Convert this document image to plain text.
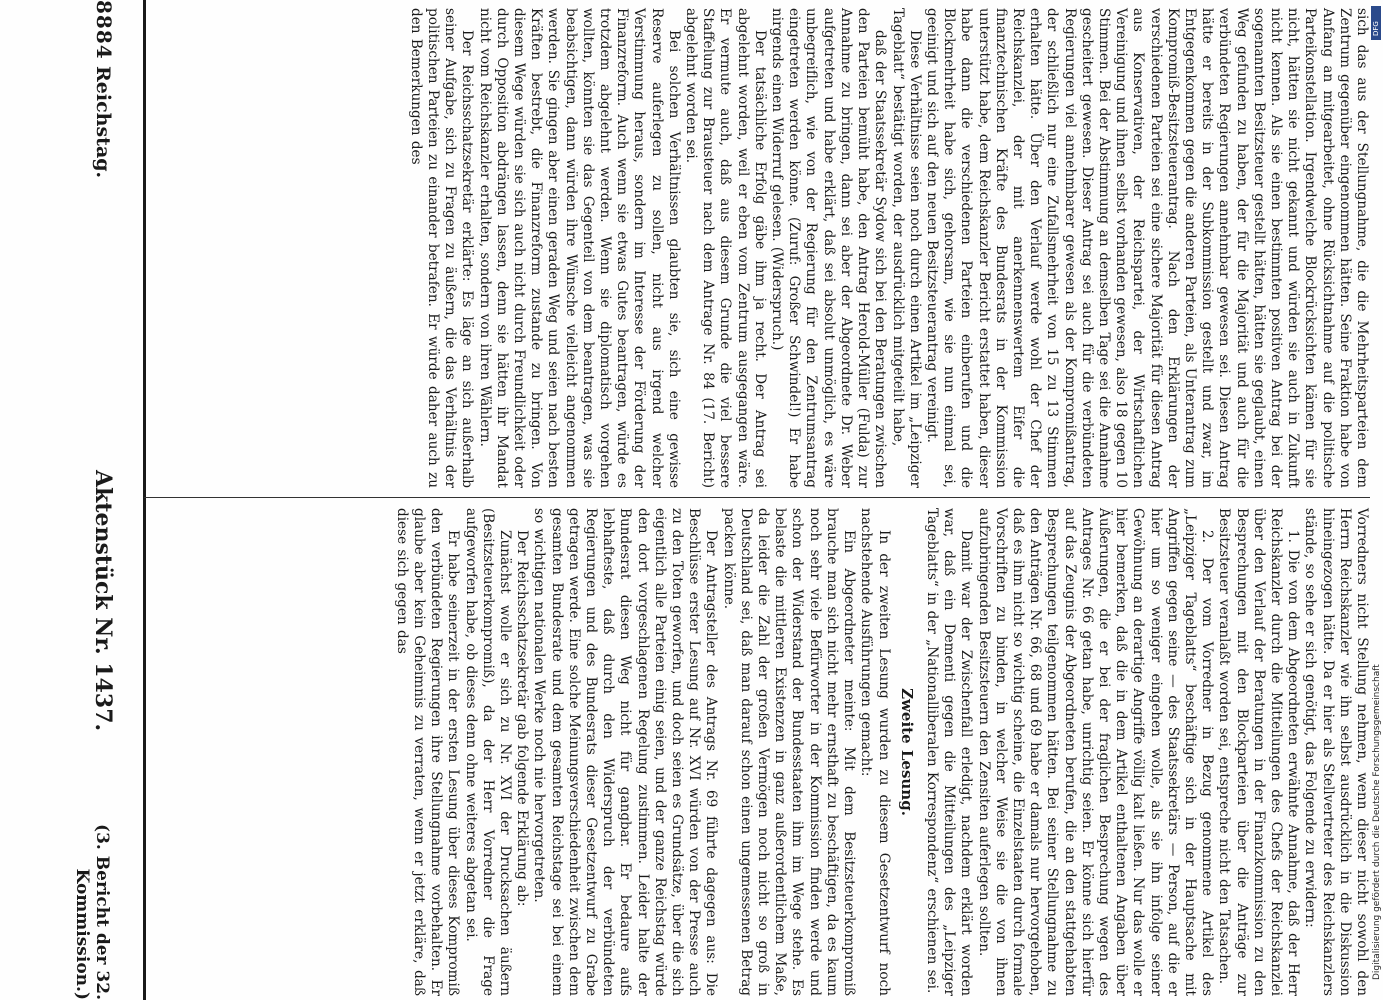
8884
Reichstag.
Aktenstück Nr. 1437.
(3. Bericht der 32. Kommission.)

sich das aus der Stellungnahme, die die Mehrheitsparteien dem Zentrum gegenüber eingenommen hätten. Seine Fraktion habe von Anfang an mitgearbeitet, ohne Rücksichtnahme auf die politische Parteikonstellation. Irgendwelche Blockrücksichten kämen für sie nicht, hätten sie nicht gekannt und würden sie auch in Zukunft nicht kennen. Als sie einen bestimmten positiven Antrag bei der sogenannten Besitzsteuer gestellt hätten, hätten sie geglaubt, einen Weg gefunden zu haben, der für die Majorität und auch für die verbündeten Regierungen annehmbar gewesen sei. Diesen Antrag hätte er bereits in der Subkommission gestellt und zwar, im Entgegenkommen gegen die anderen Parteien, als Unterantrag zum Kompromiß-Besitzsteuerantrag. Nach den Erklärungen der verschiedenen Parteien sei eine sichere Majorität für diesen Antrag aus Konservativen, der Reichspartei, der Wirtschaftlichen Vereinigung und ihnen selbst vorhanden gewesen, also 18 gegen 10 Stimmen. Bei der Abstimmung an demselben Tage sei die Annahme gescheitert gewesen. Dieser Antrag sei auch für die verbündeten Regierungen viel annehmbarer gewesen als der Kompromißantrag, der schließlich nur eine Zufallsmehrheit von 15 zu 13 Stimmen erhalten hätte. Über den Verlauf werde wohl der Chef der Reichskanzlei, der mit anerkennenswertem Eifer die finanztechnischen Kräfte des Bundesrats in der Kommission unterstützt habe, dem Reichskanzler Bericht erstattet haben, dieser habe dann die verschiedenen Parteien einberufen und die Blockmehrheit habe sich, gehorsam, wie sie nun einmal sei, geeinigt und sich auf den neuen Besitzsteuerantrag vereinigt.

Diese Verhältnisse seien noch durch einen Artikel im „Leipziger Tageblatt“ bestätigt worden, der ausdrücklich mitgeteilt habe,

daß der Staatssekretär Sydow sich bei den Beratungen zwischen den Parteien bemüht habe, den Antrag Herold-Müller (Fulda) zur Annahme zu bringen, dann sei aber der Abgeordnete Dr. Weber aufgetreten und habe erklärt, daß sei absolut unmöglich, es wäre unbegreiflich, wie von der Regierung für den Zentrumsantrag eingetreten werden könne. (Zuruf: Großer Schwindel!) Er habe nirgends einen Widerruf gelesen. (Widerspruch.)

Der tatsächliche Erfolg gäbe ihm ja recht. Der Antrag sei abgelehnt worden, weil er eben vom Zentrum ausgegangen wäre. Er vermute auch, daß aus diesem Grunde die viel bessere Staffelung zur Brausteuer nach dem Antrage Nr. 84 (17. Bericht) abgelehnt worden sei.

Bei solchen Verhältnissen glaubten sie, sich eine gewisse Reserve auferlegen zu sollen, nicht aus irgend welcher Verstimmung heraus, sondern im Interesse der Förderung der Finanzreform. Auch wenn sie etwas Gutes beantragen, würde es trotzdem abgelehnt werden. Wenn sie diplomatisch vorgehen wollten, könnten sie das Gegenteil von dem beantragen, was sie beabsichtigen, dann würden ihre Wünsche vielleicht angenommen werden. Sie gingen aber einen geraden Weg und seien nach besten Kräften bestrebt, die Finanzreform zustande zu bringen. Von diesem Wege würden sie sich auch nicht durch Freundlichkeit oder durch Opposition abdrängen lassen, denn sie hätten ihr Mandat nicht vom Reichskanzler erhalten, sondern von ihren Wählern.

Der Reichsschatzsekretär erklärte: Es läge an sich außerhalb seiner Aufgabe, sich zu Fragen zu äußern, die das Verhältnis der politischen Parteien zu einander betrafen. Er würde daher auch zu den Bemerkungen des

Vorredners nicht Stellung nehmen, wenn dieser nicht sowohl den Herrn Reichskanzler wie ihn selbst ausdrücklich in die Diskussion hineingezogen hätte. Da er hier als Stellvertreter des Reichskanzlers stände, so sehe er sich genötigt, das Folgende zu erwidern:

1. Die von dem Abgeordneten erwähnte Annahme, daß der Herr Reichskanzler durch die Mitteilungen des Chefs der Reichskanzlei über den Verlauf der Beratungen in der Finanzkommission zu den Besprechungen mit den Blockparteien über die Anträge zur Besitzsteuer veranlaßt worden sei, entspreche nicht den Tatsachen.

2. Der vom Vorredner in Bezug genommene Artikel des „Leipziger Tageblatts“ beschäftige sich in der Hauptsache mit Angriffen gegen seine — des Staatssekretärs — Person, auf die er hier um so weniger eingehen wolle, als sie ihn infolge seiner Gewöhnung an derartige Angriffe völlig kalt ließen. Nur das wolle er hier bemerken, daß die in dem Artikel enthaltenen Angaben über Äußerungen, die er bei der fraglichen Besprechung wegen des Antrages Nr. 66 getan habe, unrichtig seien. Er könne sich hierfür auf das Zeugnis der Abgeordneten berufen, die an den stattgehabten Besprechungen teilgenommen hätten. Bei seiner Stellungnahme zu den Anträgen Nr. 66, 68 und 69 habe er damals nur hervorgehoben, daß es ihm nicht so wichtig scheine, die Einzelstaaten durch formale Vorschriften zu binden, in welcher Weise sie die von ihnen aufzubringenden Besitzsteuern den Zensiten auferlegen sollten.

Damit war der Zwischenfall erledigt, nachdem erklärt worden war, daß ein Dementi gegen die Mitteilungen des „Leipziger Tageblatts“ in der „Nationalliberalen Korrespondenz“ erschienen sei.

Zweite Lesung.

In der zweiten Lesung wurden zu diesem Gesetzentwurf noch nachstehende Ausführungen gemacht:

Ein Abgeordneter meinte: Mit dem Besitzsteuerkompromiß brauche man sich nicht mehr ernsthaft zu beschäftigen, da es kaum noch sehr viele Befürworter in der Kommission finden werde und schon der Widerstand der Bundesstaaten ihm im Wege stehe. Es belaste die mittleren Existenzen in ganz außerordentlichem Maße, da leider die Zahl der großen Vermögen noch nicht so groß in Deutschland sei, daß man darauf schon einen ungemessenen Betrag packen könne.

Der Antragsteller des Antrags Nr. 69 führte dagegen aus: Die Beschlüsse erster Lesung auf Nr. XVI würden von der Presse auch zu den Toten geworfen, und doch seien es Grundsätze, über die sich eigentlich alle Parteien einig seien, und der ganze Reichstag würde den dort vorgeschlagenen Regelung zustimmen. Leider halte der Bundesrat diesen Weg nicht für gangbar. Er bedaure aufs lebhafteste, daß durch den Widerspruch der verbündeten Regierungen und des Bundesrats dieser Gesetzentwurf zu Grabe getragen werde. Eine solche Meinungsverschiedenheit zwischen dem gesamten Bundesrate und dem gesamten Reichstage sei bei einem so wichtigen nationalen Werke noch nie hervorgetreten.

Der Reichsschatzsekretär gab folgende Erklärung ab:

Zunächst wolle er sich zu Nr. XVI der Drucksachen äußern (Besitzsteuerkompromiß), da der Herr Vorredner die Frage aufgeworfen habe, ob dieses denn ohne weiteres abgetan sei.

Er habe seinerzeit in der ersten Lesung über dieses Kompromiß den verbündeten Regierungen ihre Stellungnahme vorbehalten. Er glaube aber kein Geheimnis zu verraten, wenn er jetzt erkläre, daß diese sich gegen das

DFG
Digitalisierung gefördert durch die Deutsche Forschungsgemeinschaft
